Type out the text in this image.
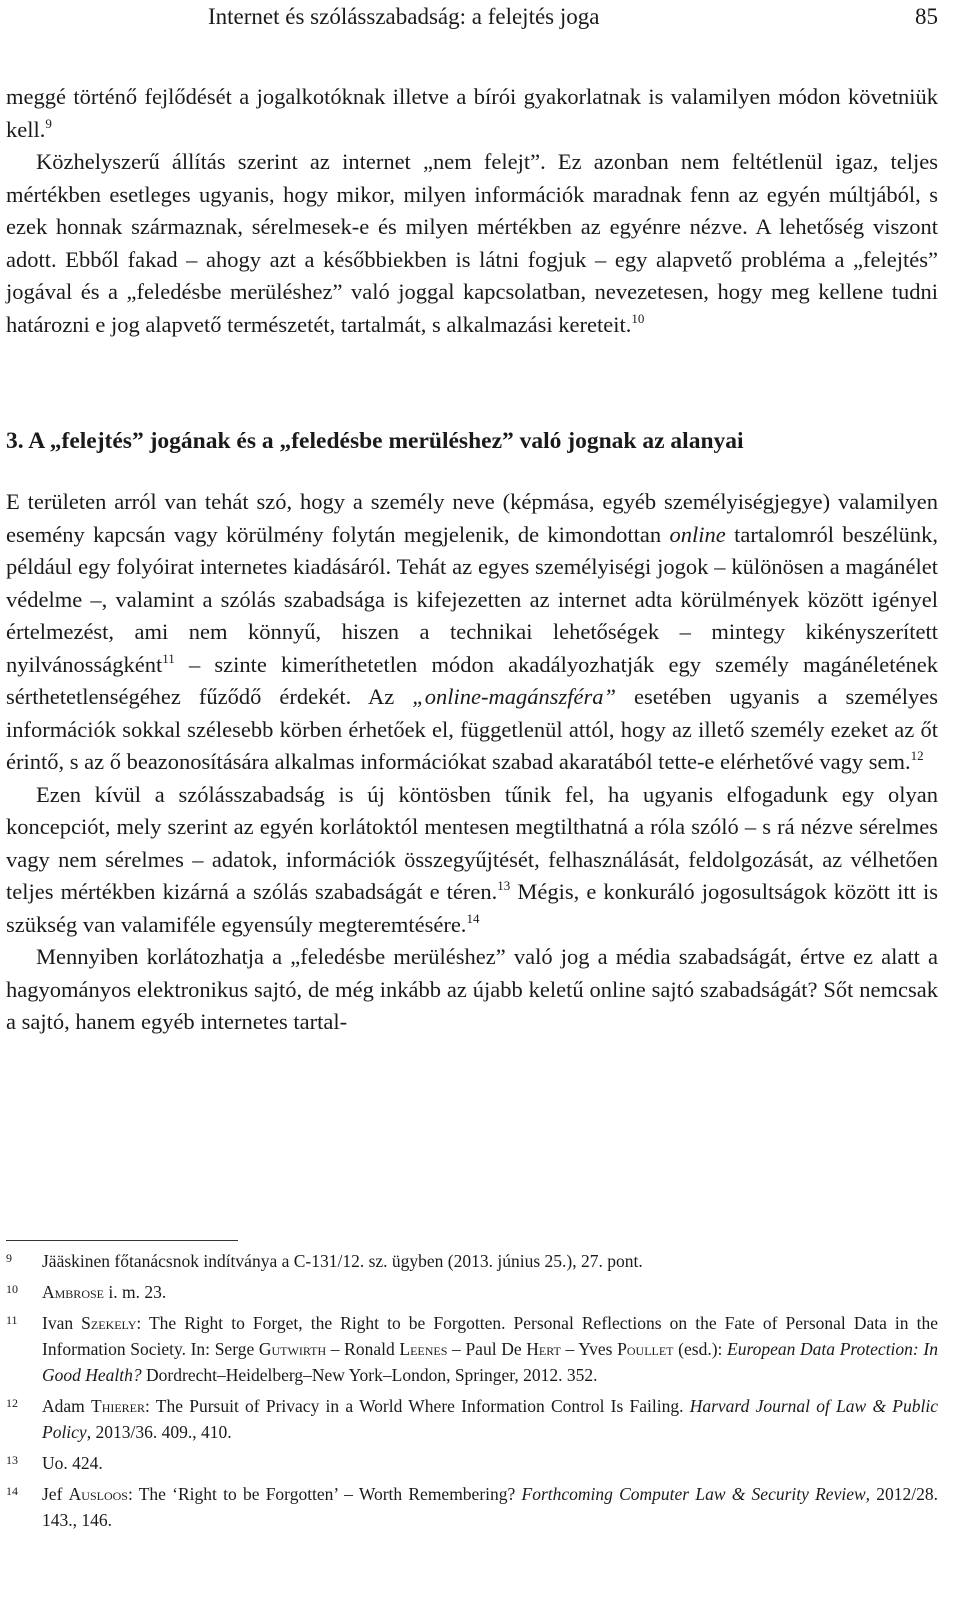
Internet és szólásszabadság: a felejtés joga	85

meggé történő fejlődését a jogalkotóknak illetve a bírói gyakorlatnak is valamilyen módon követniük kell.$^9$

Közhelyszerű állítás szerint az internet „nem felejt”. Ez azonban nem feltétlenül igaz, teljes mértékben esetleges ugyanis, hogy mikor, milyen információk maradnak fenn az egyén múltjából, s ezek honnak származnak, sérelmesek-e és milyen mértékben az egyénre nézve. A lehetőség viszont adott. Ebből fakad – ahogy azt a későbbiekben is látni fogjuk – egy alapvető probléma a „felejtés” jogával és a „feledésbe merüléshez” való joggal kapcsolatban, nevezetesen, hogy meg kellene tudni határozni e jog alapvető természetét, tartalmát, s alkalmazási kereteit.$^{10}$

3. A „felejtés” jogának és a „feledésbe merüléshez” való jognak az alanyai

E területen arról van tehát szó, hogy a személy neve (képmása, egyéb személyiségjegye) valamilyen esemény kapcsán vagy körülmény folytán megjelenik, de kimondottan online tartalomról beszélünk, például egy folyóirat internetes kiadásáról. Tehát az egyes személyiségi jogok – különösen a magánélet védelme –, valamint a szólás szabadsága is kifejezetten az internet adta körülmények között igényel értelmezést, ami nem könnyű, hiszen a technikai lehetőségek – mintegy kikényszerített nyilvánosságként$^{11}$ – szinte kimeríthetetlen módon akadályozhatják egy személy magánéletének sérthetetlenségéhez fűződő érdekét. Az „online-magánszféra” esetében ugyanis a személyes információk sokkal szélesebb körben érhetőek el, függetlenül attól, hogy az illető személy ezeket az őt érintő, s az ő beazonosítására alkalmas információkat szabad akaratából tette-e elérhetővé vagy sem.$^{12}$

Ezen kívül a szólásszabadság is új köntösben tűnik fel, ha ugyanis elfogadunk egy olyan koncepciót, mely szerint az egyén korlátoktól mentesen megtilthatná a róla szóló – s rá nézve sérelmes vagy nem sérelmes – adatok, információk összegyűjtését, felhasználását, feldolgozását, az vélhetően teljes mértékben kizárná a szólás szabadságát e téren.$^{13}$ Mégis, e konkuráló jogosultságok között itt is szükség van valamiféle egyensúly megteremtésére.$^{14}$

Mennyiben korlátozhatja a „feledésbe merüléshez” való jog a média szabadságát, értve ez alatt a hagyományos elektronikus sajtó, de még inkább az újabb keletű online sajtó szabadságát? Sőt nemcsak a sajtó, hanem egyéb internetes tartal-

9 Jääskinen főtanácsnok indítványa a C-131/12. sz. ügyben (2013. június 25.), 27. pont.
10 Ambrose i. m. 23.
11 Ivan Szekely: The Right to Forget, the Right to be Forgotten. Personal Reflections on the Fate of Personal Data in the Information Society. In: Serge Gutwirth – Ronald Leenes – Paul De Hert – Yves Poullet (esd.): European Data Protection: In Good Health? Dordrecht–Heidelberg–New York–London, Springer, 2012. 352.
12 Adam Thierer: The Pursuit of Privacy in a World Where Information Control Is Failing. Harvard Journal of Law & Public Policy, 2013/36. 409., 410.
13 Uo. 424.
14 Jef Ausloos: The ‘Right to be Forgotten’ – Worth Remembering? Forthcoming Computer Law & Security Review, 2012/28. 143., 146.
